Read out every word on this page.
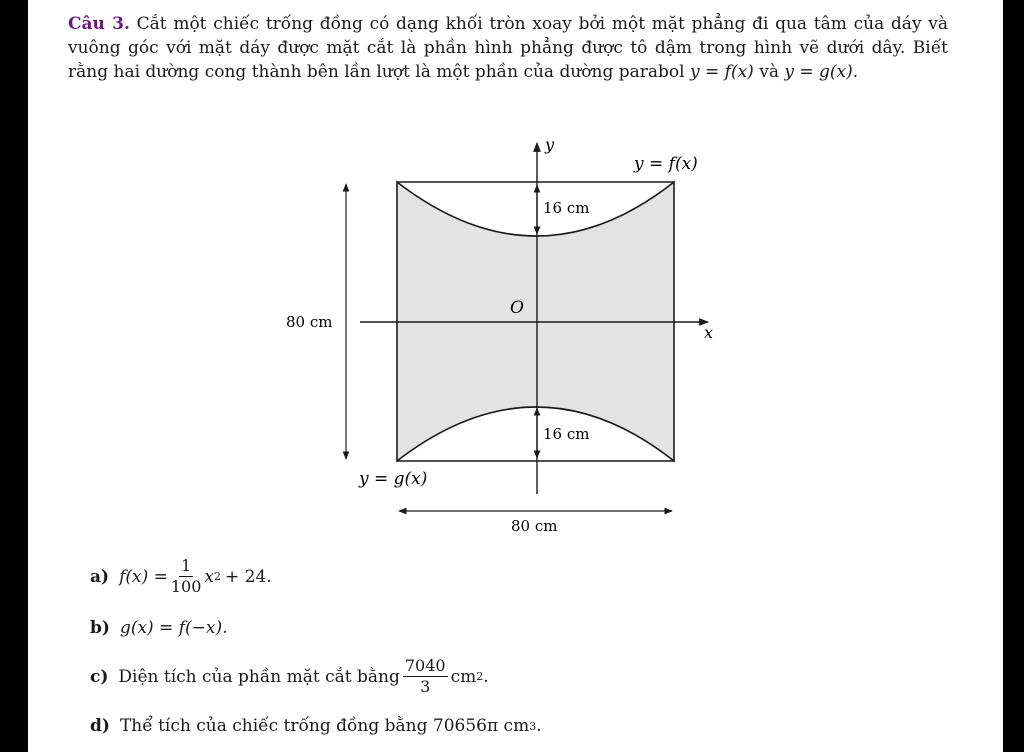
Câu 3. Cắt một chiếc trống đồng có dạng khối tròn xoay bởi một mặt phẳng đi qua tâm của dáy và vuông góc với mặt dáy được mặt cắt là phần hình phẳng được tô dậm trong hình vẽ dưới dây. Biết rằng hai dường cong thành bên lần lượt là một phần của dường parabol y = f(x) và y = g(x).
y
x
O
y = f(x)
y = g(x)
16 cm
16 cm
80 cm
80 cm
a) $f(x) = \frac{1}{100}$ x 2 + 24.
b) g(x) = f(−x).
c) Diện tích của phần mặt cắt bằng $\frac{7040}{3}$ cm 2 .
d) Thể tích của chiếc trống đồng bằng 70656π cm 3 .
